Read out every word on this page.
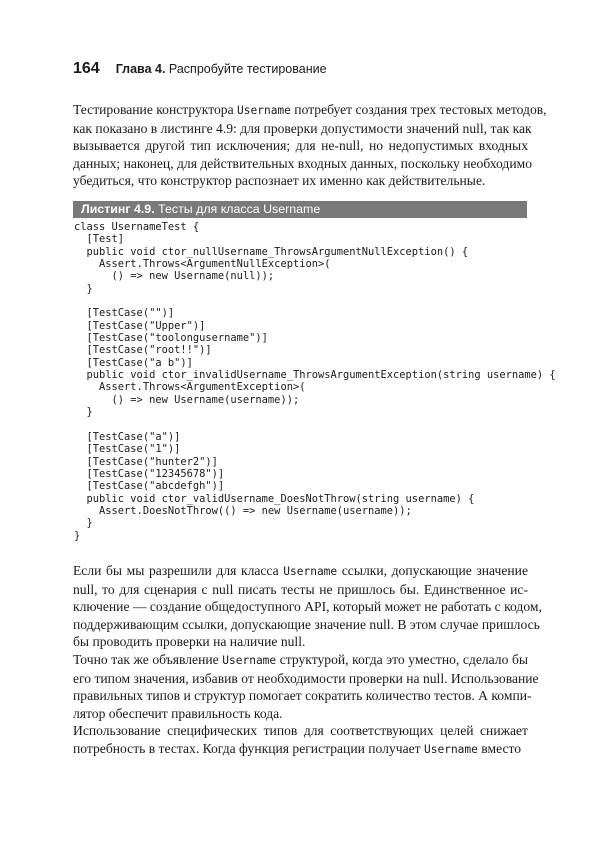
164 Глава 4. Распробуйте тестирование
Тестирование конструктора Username потребует создания трех тестовых методов,
как показано в листинге 4.9: для проверки допустимости значений null, так как
вызывается другой тип исключения; для не-null, но недопустимых входных
данных; наконец, для действительных входных данных, поскольку необходимо
убедиться, что конструктор распознает их именно как действительные.
Листинг 4.9. Тесты для класса Username
class UsernameTest {
[Test]
public void ctor_nullUsername_ThrowsArgumentNullException() {
Assert.Throws<ArgumentNullException>(
() => new Username(null));
}

[TestCase("")]
[TestCase("Upper")]
[TestCase("toolongusername")]
[TestCase("root!!")]
[TestCase("a b")]
public void ctor_invalidUsername_ThrowsArgumentException(string username) {
Assert.Throws<ArgumentException>(
() => new Username(username));
}

[TestCase("a")]
[TestCase("1")]
[TestCase("hunter2")]
[TestCase("12345678")]
[TestCase("abcdefgh")]
public void ctor_validUsername_DoesNotThrow(string username) {
Assert.DoesNotThrow(() => new Username(username));
}
}
Если бы мы разрешили для класса Username ссылки, допускающие значение
null, то для сценария с null писать тесты не пришлось бы. Единственное ис-
ключение — создание общедоступного API, который может не работать с кодом,
поддерживающим ссылки, допускающие значение null. В этом случае пришлось
бы проводить проверки на наличие null.
Точно так же объявление Username структурой, когда это уместно, сделало бы
его типом значения, избавив от необходимости проверки на null. Использование
правильных типов и структур помогает сократить количество тестов. А компи-
лятор обеспечит правильность кода.
Использование специфических типов для соответствующих целей снижает
потребность в тестах. Когда функция регистрации получает Username вместо
